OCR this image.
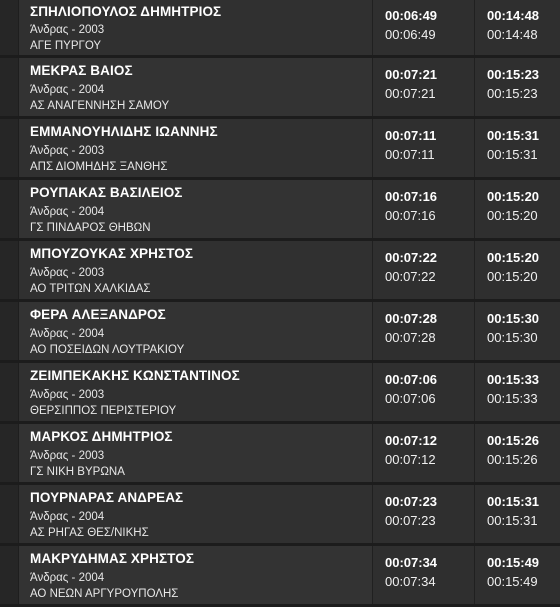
ΣΠΗΛΙΟΠΟΥΛΟΣ ΔΗΜΗΤΡΙΟΣ
Άνδρας - 2003
ΑΓΕ ΠΥΡΓΟΥ
00:06:49
00:06:49
00:14:48
00:14:48
ΜΕΚΡΑΣ ΒΑΙΟΣ
Άνδρας - 2004
ΑΣ ΑΝΑΓΕΝΝΗΣΗ ΣΑΜΟΥ
00:07:21
00:07:21
00:15:23
00:15:23
ΕΜΜΑΝΟΥΗΛΙΔΗΣ ΙΩΑΝΝΗΣ
Άνδρας - 2003
ΑΠΣ ΔΙΟΜΗΔΗΣ ΞΑΝΘΗΣ
00:07:11
00:07:11
00:15:31
00:15:31
ΡΟΥΠΑΚΑΣ ΒΑΣΙΛΕΙΟΣ
Άνδρας - 2004
ΓΣ ΠΙΝΔΑΡΟΣ ΘΗΒΩΝ
00:07:16
00:07:16
00:15:20
00:15:20
ΜΠΟΥΖΟΥΚΑΣ ΧΡΗΣΤΟΣ
Άνδρας - 2003
ΑΟ ΤΡΙΤΩΝ ΧΑΛΚΙΔΑΣ
00:07:22
00:07:22
00:15:20
00:15:20
ΦΕΡΑ ΑΛΕΞΑΝΔΡΟΣ
Άνδρας - 2004
ΑΟ ΠΟΣΕΙΔΩΝ ΛΟΥΤΡΑΚΙΟΥ
00:07:28
00:07:28
00:15:30
00:15:30
ΖΕΙΜΠΕΚΑΚΗΣ ΚΩΝΣΤΑΝΤΙΝΟΣ
Άνδρας - 2003
ΘΕΡΣΙΠΠΟΣ ΠΕΡΙΣΤΕΡΙΟΥ
00:07:06
00:07:06
00:15:33
00:15:33
ΜΑΡΚΟΣ ΔΗΜΗΤΡΙΟΣ
Άνδρας - 2003
ΓΣ ΝΙΚΗ ΒΥΡΩΝΑ
00:07:12
00:07:12
00:15:26
00:15:26
ΠΟΥΡΝΑΡΑΣ ΑΝΔΡΕΑΣ
Άνδρας - 2004
ΑΣ ΡΗΓΑΣ ΘΕΣ/ΝΙΚΗΣ
00:07:23
00:07:23
00:15:31
00:15:31
ΜΑΚΡΥΔΗΜΑΣ ΧΡΗΣΤΟΣ
Άνδρας - 2004
ΑΟ ΝΕΩΝ ΑΡΓΥΡΟΥΠΟΛΗΣ
00:07:34
00:07:34
00:15:49
00:15:49
